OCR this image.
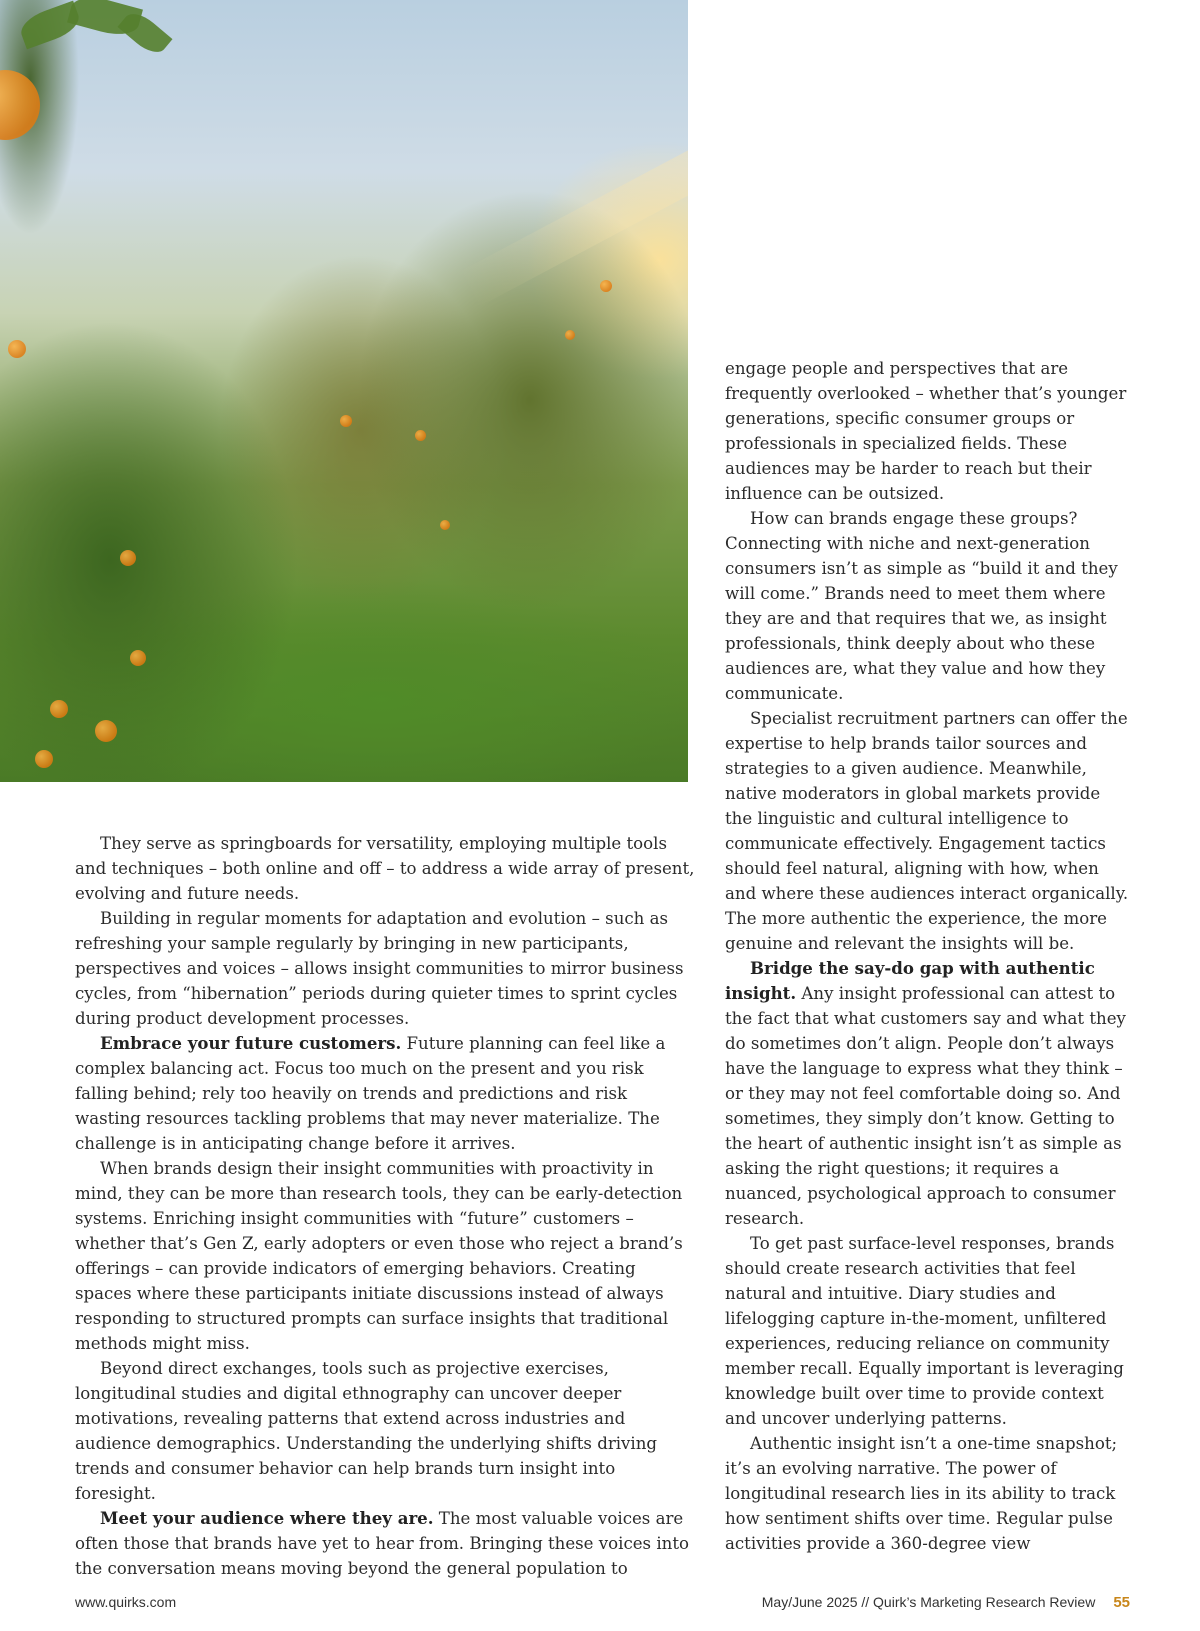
They serve as springboards for versatility, employing multiple tools and techniques – both online and off – to address a wide array of present, evolving and future needs.

Building in regular moments for adaptation and evolution – such as refreshing your sample regularly by bringing in new participants, perspectives and voices – allows insight communities to mirror business cycles, from “hibernation” periods during quieter times to sprint cycles during product development processes.

Embrace your future customers. Future planning can feel like a complex balancing act. Focus too much on the present and you risk falling behind; rely too heavily on trends and predictions and risk wasting resources tackling problems that may never materialize. The challenge is in anticipating change before it arrives.

When brands design their insight communities with proactivity in mind, they can be more than research tools, they can be early-detection systems. Enriching insight communities with “future” customers – whether that’s Gen Z, early adopters or even those who reject a brand’s offerings – can provide indicators of emerging behaviors. Creating spaces where these participants initiate discussions instead of always responding to structured prompts can surface insights that traditional methods might miss.

Beyond direct exchanges, tools such as projective exercises, longitudinal studies and digital ethnography can uncover deeper motivations, revealing patterns that extend across industries and audience demographics. Understanding the underlying shifts driving trends and consumer behavior can help brands turn insight into foresight.

Meet your audience where they are. The most valuable voices are often those that brands have yet to hear from. Bringing these voices into the conversation means moving beyond the general population to

engage people and perspectives that are frequently overlooked – whether that’s younger generations, specific consumer groups or professionals in specialized fields. These audiences may be harder to reach but their influence can be outsized.

How can brands engage these groups? Connecting with niche and next-generation consumers isn’t as simple as “build it and they will come.” Brands need to meet them where they are and that requires that we, as insight professionals, think deeply about who these audiences are, what they value and how they communicate.

Specialist recruitment partners can offer the expertise to help brands tailor sources and strategies to a given audience. Meanwhile, native moderators in global markets provide the linguistic and cultural intelligence to communicate effectively. Engagement tactics should feel natural, aligning with how, when and where these audiences interact organically. The more authentic the experience, the more genuine and relevant the insights will be.

Bridge the say-do gap with authentic insight. Any insight professional can attest to the fact that what customers say and what they do sometimes don’t align. People don’t always have the language to express what they think – or they may not feel comfortable doing so. And sometimes, they simply don’t know. Getting to the heart of authentic insight isn’t as simple as asking the right questions; it requires a nuanced, psychological approach to consumer research.

To get past surface-level responses, brands should create research activities that feel natural and intuitive. Diary studies and lifelogging capture in-the-moment, unfiltered experiences, reducing reliance on community member recall. Equally important is leveraging knowledge built over time to provide context and uncover underlying patterns.

Authentic insight isn’t a one-time snapshot; it’s an evolving narrative. The power of longitudinal research lies in its ability to track how sentiment shifts over time. Regular pulse activities provide a 360-degree view

www.quirks.com	May/June 2025 // Quirk’s Marketing Research Review 55
